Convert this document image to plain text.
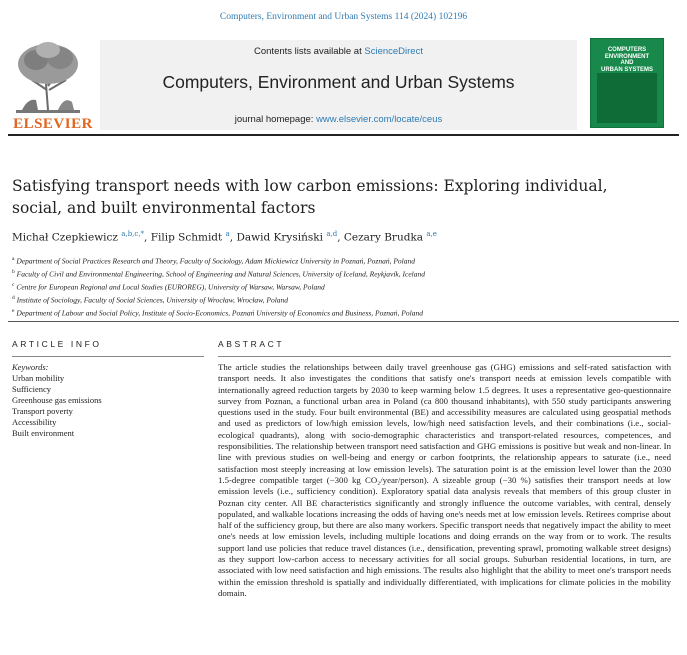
Computers, Environment and Urban Systems 114 (2024) 102196
ELSEVIER
Contents lists available at ScienceDirect
Computers, Environment and Urban Systems
journal homepage: www.elsevier.com/locate/ceus
COMPUTERS
ENVIRONMENT
AND
URBAN SYSTEMS
Satisfying transport needs with low carbon emissions: Exploring individual, social, and built environmental factors
Michał Czepkiewicz $^{a,b,c,*}$, Filip Schmidt $^a$, Dawid Krysiński $^{a,d}$, Cezary Brudka $^{a,e}$
$^a$ Department of Social Practices Research and Theory, Faculty of Sociology, Adam Mickiewicz University in Poznań, Poznań, Poland
$^b$ Faculty of Civil and Environmental Engineering, School of Engineering and Natural Sciences, University of Iceland, Reykjavík, Iceland
$^c$ Centre for European Regional and Local Studies (EUROREG), University of Warsaw, Warsaw, Poland
$^d$ Institute of Sociology, Faculty of Social Sciences, University of Wrocław, Wrocław, Poland
$^e$ Department of Labour and Social Policy, Institute of Socio-Economics, Poznań University of Economics and Business, Poznań, Poland
ARTICLE INFO	ABSTRACT
Keywords:
Urban mobility
Sufficiency
Greenhouse gas emissions
Transport poverty
Accessibility
Built environment
The article studies the relationships between daily travel greenhouse gas (GHG) emissions and self-rated satisfaction with transport needs. It also investigates the conditions that satisfy one's transport needs at emission levels compatible with internationally agreed reduction targets by 2030 to keep warming below 1.5 degrees. It uses a representative geo-questionnaire survey from Poznan, a functional urban area in Poland (ca 800 thousand inhabitants), with 550 study participants answering questions used in the study. Four built environmental (BE) and accessibility measures are calculated using geospatial methods and used as predictors of low/high emission levels, low/high need satisfaction levels, and their combinations (i.e., social-ecological quadrants), along with socio-demographic characteristics and transport-related resources, competences, and responsibilities. The relationship between transport need satisfaction and GHG emissions is positive but weak and non-linear. In line with previous studies on well-being and energy or carbon footprints, the relationship appears to saturate (i.e., need satisfaction most steeply increasing at low emission levels). The saturation point is at the emission level lower than the 2030 1.5-degree compatible target (−300 kg CO₂/year/person). A sizeable group (−30 %) satisfies their transport needs at low emission levels (i.e., sufficiency condition). Exploratory spatial data analysis reveals that members of this group cluster in Poznan city center. All BE characteristics significantly and strongly influence the outcome variables, with central, densely populated, and walkable locations increasing the odds of having one's needs met at low emission levels. Retirees comprise about half of the sufficiency group, but there are also many workers. Specific transport needs that negatively impact the ability to meet one's needs at low emission levels, including multiple locations and doing errands on the way from or to work. The results support land use policies that reduce travel distances (i.e., densification, preventing sprawl, promoting walkable street designs) as they support low-carbon access to necessary activities for all social groups. Suburban residential locations, in turn, are associated with low need satisfaction and high emissions. The results also highlight that the ability to meet one's transport needs within the emission threshold is spatially and individually differentiated, with implications for climate policies in the mobility domain.
